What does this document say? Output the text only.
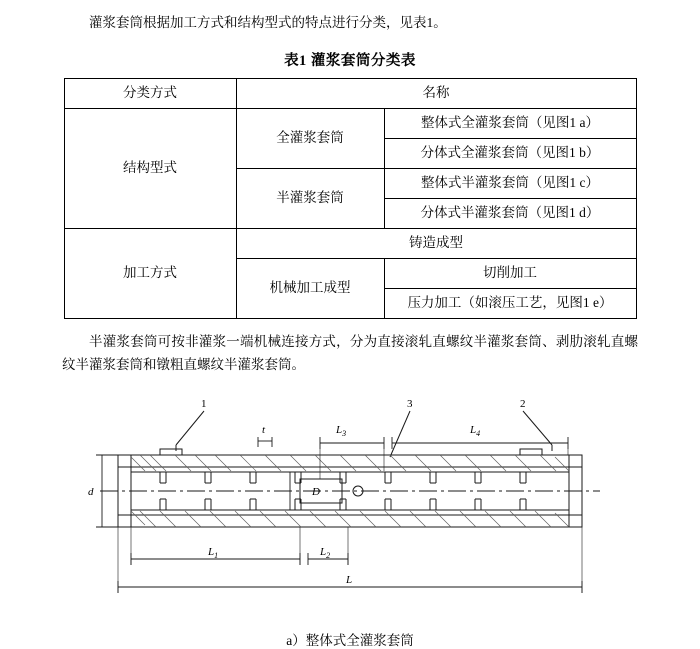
灌浆套筒根据加工方式和结构型式的特点进行分类，见表1。

表1 灌浆套筒分类表
分类方式	名称	
结构型式	全灌浆套筒	整体式全灌浆套筒（见图1 a）
		分体式全灌浆套筒（见图1 b）
	半灌浆套筒	整体式半灌浆套筒（见图1 c）
		分体式半灌浆套筒（见图1 d）
加工方式	铸造成型	
	机械加工成型	切削加工
		压力加工（如滚压工艺，见图1 e）

半灌浆套筒可按非灌浆一端机械连接方式，分为直接滚轧直螺纹半灌浆套筒、剥肋滚轧直螺纹半灌浆套筒和镦粗直螺纹半灌浆套筒。

1	2
3
d	D
t	$L_3$	$L_4$
$L_1$	$L_2$
L
a）整体式全灌浆套筒
